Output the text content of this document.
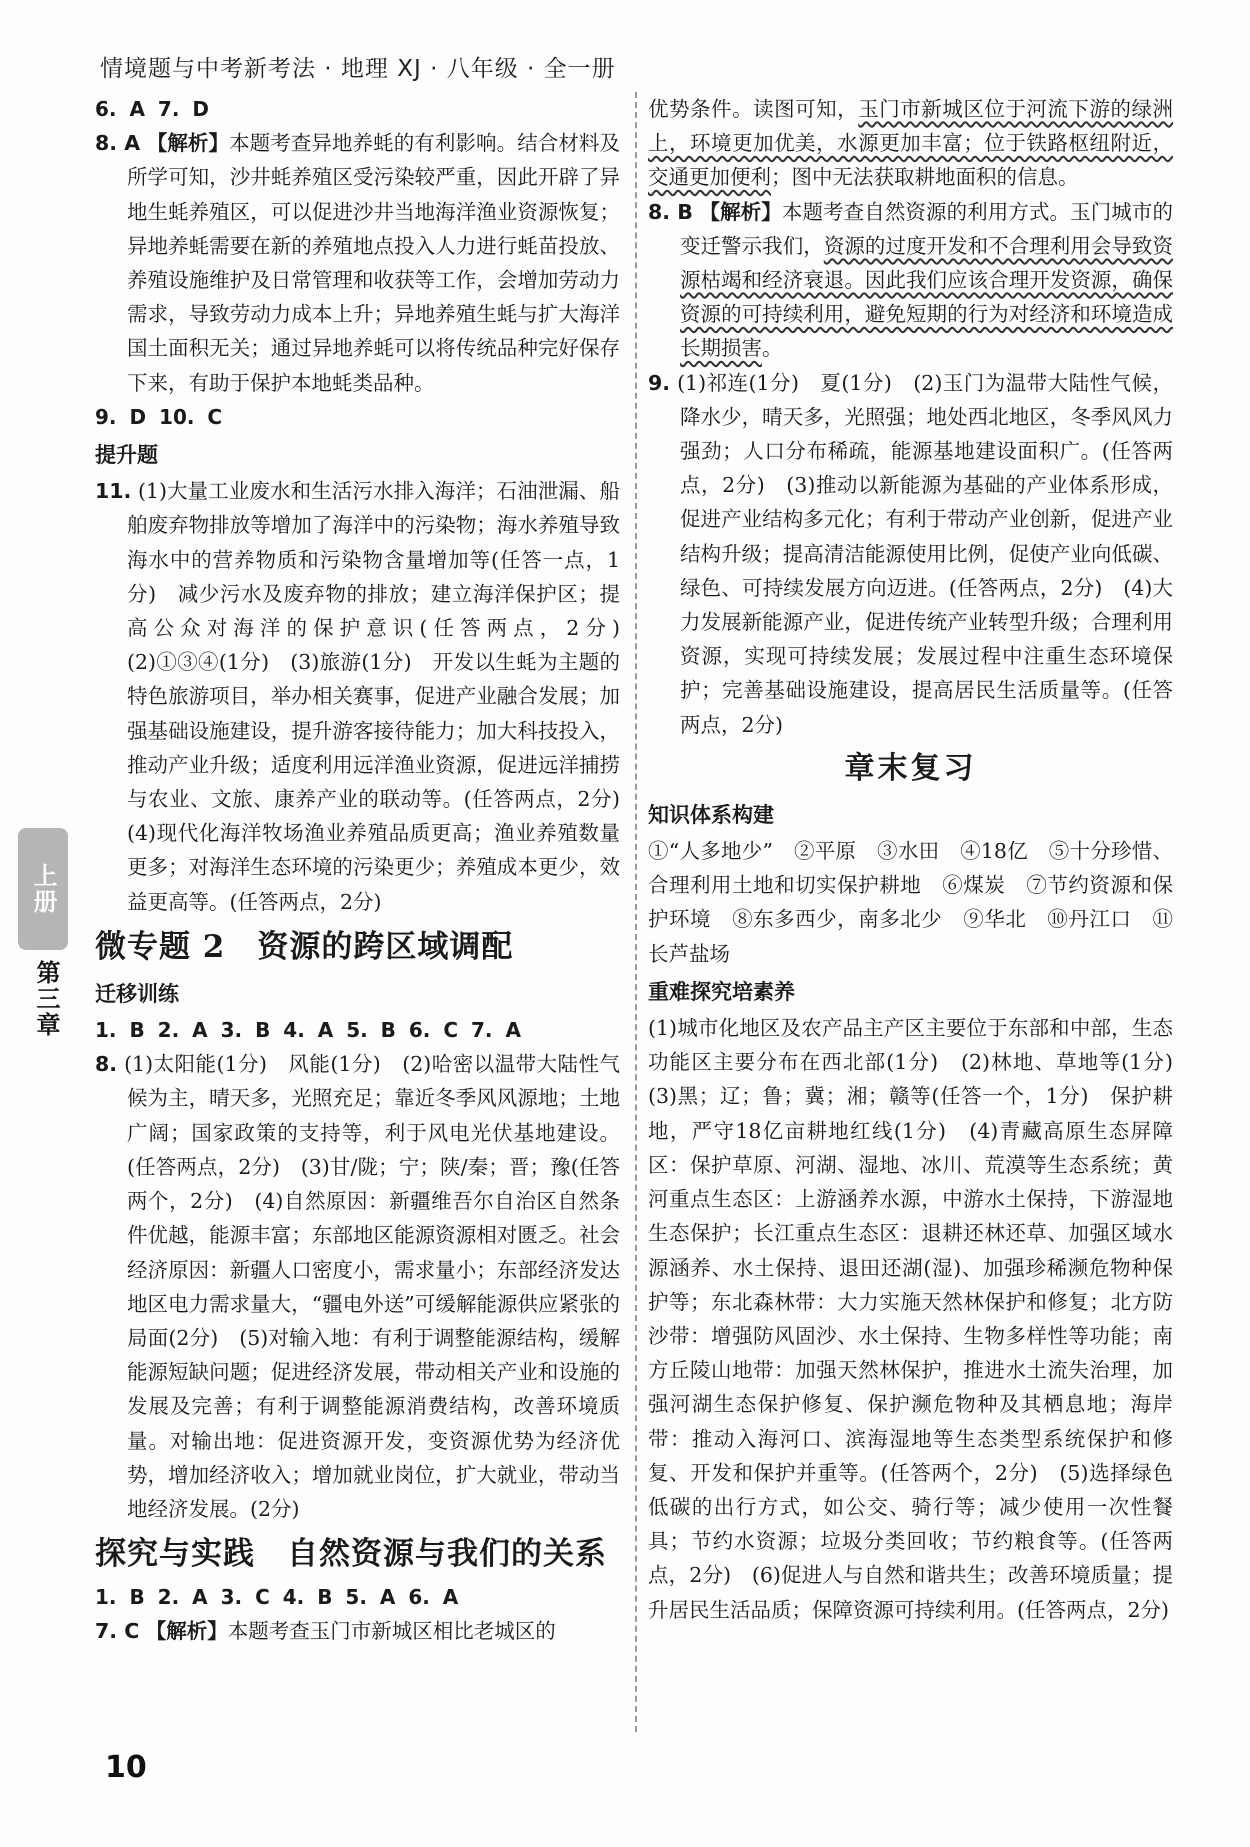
情境题与中考新考法 · 地理 XJ · 八年级 · 全一册

6. A 7. D

8. A 【解析】本题考查异地养蚝的有利影响。结合材料及所学可知，沙井蚝养殖区受污染较严重，因此开辟了异地生蚝养殖区，可以促进沙井当地海洋渔业资源恢复；异地养蚝需要在新的养殖地点投入人力进行蚝苗投放、养殖设施维护及日常管理和收获等工作，会增加劳动力需求，导致劳动力成本上升；异地养殖生蚝与扩大海洋国土面积无关；通过异地养蚝可以将传统品种完好保存下来，有助于保护本地蚝类品种。

9. D 10. C

提升题

11. (1)大量工业废水和生活污水排入海洋；石油泄漏、船舶废弃物排放等增加了海洋中的污染物；海水养殖导致海水中的营养物质和污染物含量增加等(任答一点，1分)　减少污水及废弃物的排放；建立海洋保护区；提高公众对海洋的保护意识(任答两点，2分)　(2)①③④(1分)　(3)旅游(1分)　开发以生蚝为主题的特色旅游项目，举办相关赛事，促进产业融合发展；加强基础设施建设，提升游客接待能力；加大科技投入，推动产业升级；适度利用远洋渔业资源，促进远洋捕捞与农业、文旅、康养产业的联动等。(任答两点，2分)　(4)现代化海洋牧场渔业养殖品质更高；渔业养殖数量更多；对海洋生态环境的污染更少；养殖成本更少，效益更高等。(任答两点，2分)

微专题 2　资源的跨区域调配

迁移训练

1. B 2. A 3. B 4. A 5. B 6. C 7. A

8. (1)太阳能(1分)　风能(1分)　(2)哈密以温带大陆性气候为主，晴天多，光照充足；靠近冬季风风源地；土地广阔；国家政策的支持等，利于风电光伏基地建设。(任答两点，2分)　(3)甘/陇；宁；陕/秦；晋；豫(任答两个，2分)　(4)自然原因：新疆维吾尔自治区自然条件优越，能源丰富；东部地区能源资源相对匮乏。社会经济原因：新疆人口密度小，需求量小；东部经济发达地区电力需求量大，“疆电外送”可缓解能源供应紧张的局面(2分)　(5)对输入地：有利于调整能源结构，缓解能源短缺问题；促进经济发展，带动相关产业和设施的发展及完善；有利于调整能源消费结构，改善环境质量。对输出地：促进资源开发，变资源优势为经济优势，增加经济收入；增加就业岗位，扩大就业，带动当地经济发展。(2分)

探究与实践　自然资源与我们的关系

1. B 2. A 3. C 4. B 5. A 6. A

7. C 【解析】本题考查玉门市新城区相比老城区的

优势条件。读图可知，玉门市新城区位于河流下游的绿洲上，环境更加优美，水源更加丰富；位于铁路枢纽附近，交通更加便利；图中无法获取耕地面积的信息。

8. B 【解析】本题考查自然资源的利用方式。玉门城市的变迁警示我们，资源的过度开发和不合理利用会导致资源枯竭和经济衰退。因此我们应该合理开发资源，确保资源的可持续利用，避免短期的行为对经济和环境造成长期损害。

9. (1)祁连(1分)　夏(1分)　(2)玉门为温带大陆性气候，降水少，晴天多，光照强；地处西北地区，冬季风风力强劲；人口分布稀疏，能源基地建设面积广。(任答两点，2分)　(3)推动以新能源为基础的产业体系形成，促进产业结构多元化；有利于带动产业创新，促进产业结构升级；提高清洁能源使用比例，促使产业向低碳、绿色、可持续发展方向迈进。(任答两点，2分)　(4)大力发展新能源产业，促进传统产业转型升级；合理利用资源，实现可持续发展；发展过程中注重生态环境保护；完善基础设施建设，提高居民生活质量等。(任答两点，2分)

章末复习

知识体系构建

①“人多地少”　②平原　③水田　④18亿　⑤十分珍惜、合理利用土地和切实保护耕地　⑥煤炭　⑦节约资源和保护环境　⑧东多西少，南多北少　⑨华北　⑩丹江口　⑪长芦盐场

重难探究培素养

(1)城市化地区及农产品主产区主要位于东部和中部，生态功能区主要分布在西北部(1分)　(2)林地、草地等(1分)　(3)黑；辽；鲁；冀；湘；赣等(任答一个，1分)　保护耕地，严守18亿亩耕地红线(1分)　(4)青藏高原生态屏障区：保护草原、河湖、湿地、冰川、荒漠等生态系统；黄河重点生态区：上游涵养水源，中游水土保持，下游湿地生态保护；长江重点生态区：退耕还林还草、加强区域水源涵养、水土保持、退田还湖(湿)、加强珍稀濒危物种保护等；东北森林带：大力实施天然林保护和修复；北方防沙带：增强防风固沙、水土保持、生物多样性等功能；南方丘陵山地带：加强天然林保护，推进水土流失治理，加强河湖生态保护修复、保护濒危物种及其栖息地；海岸带：推动入海河口、滨海湿地等生态类型系统保护和修复、开发和保护并重等。(任答两个，2分)　(5)选择绿色低碳的出行方式，如公交、骑行等；减少使用一次性餐具；节约水资源；垃圾分类回收；节约粮食等。(任答两点，2分)　(6)促进人与自然和谐共生；改善环境质量；提升居民生活品质；保障资源可持续利用。(任答两点，2分)

上册
第三章
10
